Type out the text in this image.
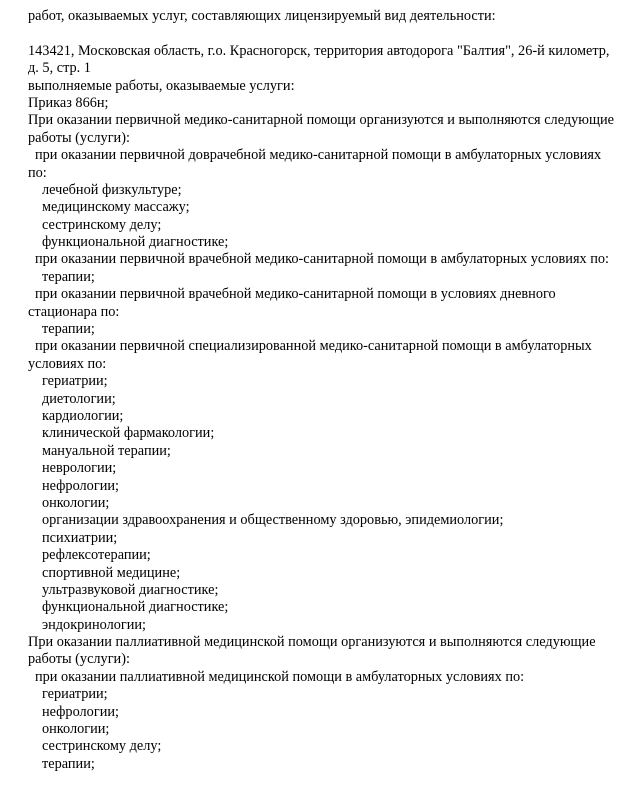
работ, оказываемых услуг, составляющих лицензируемый вид деятельности:
143421, Московская область, г.о. Красногорск, территория автодорога "Балтия", 26-й километр,
д. 5, стр. 1
выполняемые работы, оказываемые услуги:
Приказ 866н;
При оказании первичной медико-санитарной помощи организуются и выполняются следующие
работы (услуги):
при оказании первичной доврачебной медико-санитарной помощи в амбулаторных условиях
по:
лечебной физкультуре;
медицинскому массажу;
сестринскому делу;
функциональной диагностике;
при оказании первичной врачебной медико-санитарной помощи в амбулаторных условиях по:
терапии;
при оказании первичной врачебной медико-санитарной помощи в условиях дневного
стационара по:
терапии;
при оказании первичной специализированной медико-санитарной помощи в амбулаторных
условиях по:
гериатрии;
диетологии;
кардиологии;
клинической фармакологии;
мануальной терапии;
неврологии;
нефрологии;
онкологии;
организации здравоохранения и общественному здоровью, эпидемиологии;
психиатрии;
рефлексотерапии;
спортивной медицине;
ультразвуковой диагностике;
функциональной диагностике;
эндокринологии;
При оказании паллиативной медицинской помощи организуются и выполняются следующие
работы (услуги):
при оказании паллиативной медицинской помощи в амбулаторных условиях по:
гериатрии;
нефрологии;
онкологии;
сестринскому делу;
терапии;
